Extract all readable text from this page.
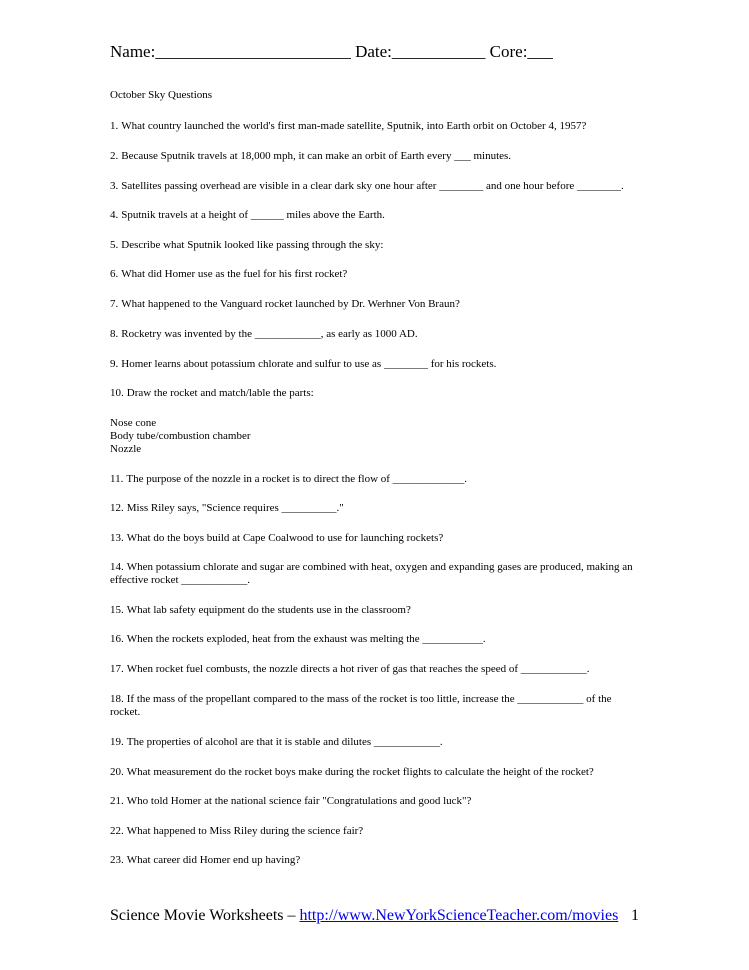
Name:_______________________ Date:___________ Core:___
October Sky Questions
1. What country launched the world's first man-made satellite, Sputnik, into Earth orbit on October 4, 1957?
2. Because Sputnik travels at 18,000 mph, it can make an orbit of Earth every ___ minutes.
3. Satellites passing overhead are visible in a clear dark sky one hour after ________ and one hour before ________.
4. Sputnik travels at a height of ______ miles above the Earth.
5. Describe what Sputnik looked like passing through the sky:
6. What did Homer use as the fuel for his first rocket?
7. What happened to the Vanguard rocket launched by Dr. Werhner Von Braun?
8. Rocketry was invented by the ____________, as early as 1000 AD.
9. Homer learns about potassium chlorate and sulfur to use as ________ for his rockets.
10. Draw the rocket and match/lable the parts:
Nose cone
Body tube/combustion chamber
Nozzle
11. The purpose of the nozzle in a rocket is to direct the flow of _____________.
12. Miss Riley says, "Science requires __________."
13. What do the boys build at Cape Coalwood to use for launching rockets?
14. When potassium chlorate and sugar are combined with heat, oxygen and expanding gases are produced, making an effective rocket ____________.
15. What lab safety equipment do the students use in the classroom?
16. When the rockets exploded, heat from the exhaust was melting the ___________.
17. When rocket fuel combusts, the nozzle directs a hot river of gas that reaches the speed of ____________.
18. If the mass of the propellant compared to the mass of the rocket is too little, increase the ____________ of the rocket.
19. The properties of alcohol are that it is stable and dilutes ____________.
20. What measurement do the rocket boys make during the rocket flights to calculate the height of the rocket?
21. Who told Homer at the national science fair "Congratulations and good luck"?
22. What happened to Miss Riley during the science fair?
23. What career did Homer end up having?
Science Movie Worksheets – http://www.NewYorkScienceTeacher.com/movies 1
